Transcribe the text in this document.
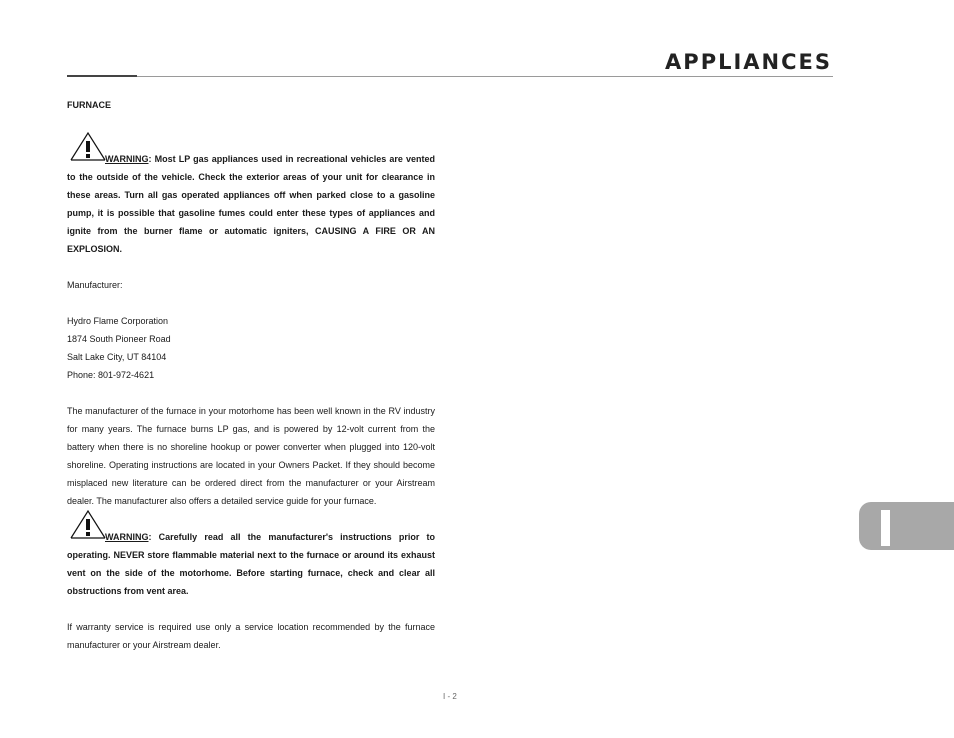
APPLIANCES

FURNACE

WARNING: Most LP gas appliances used in recreational vehicles are vented to the outside of the vehicle. Check the exterior areas of your unit for clearance in these areas. Turn all gas operated appliances off when parked close to a gasoline pump, it is possible that gasoline fumes could enter these types of appliances and ignite from the burner flame or automatic igniters, CAUSING A FIRE OR AN EXPLOSION.

Manufacturer:

Hydro Flame Corporation
1874 South Pioneer Road
Salt Lake City, UT 84104
Phone: 801-972-4621

The manufacturer of the furnace in your motorhome has been well known in the RV industry for many years. The furnace burns LP gas, and is powered by 12-volt current from the battery when there is no shoreline hookup or power converter when plugged into 120-volt shoreline. Operating instructions are located in your Owners Packet. If they should become misplaced new literature can be ordered direct from the manufacturer or your Airstream dealer. The manufacturer also offers a detailed service guide for your furnace.

WARNING: Carefully read all the manufacturer's instructions prior to operating. NEVER store flammable material next to the furnace or around its exhaust vent on the side of the motorhome. Before starting furnace, check and clear all obstructions from vent area.

If warranty service is required use only a service location recommended by the furnace manufacturer or your Airstream dealer.

I - 2
